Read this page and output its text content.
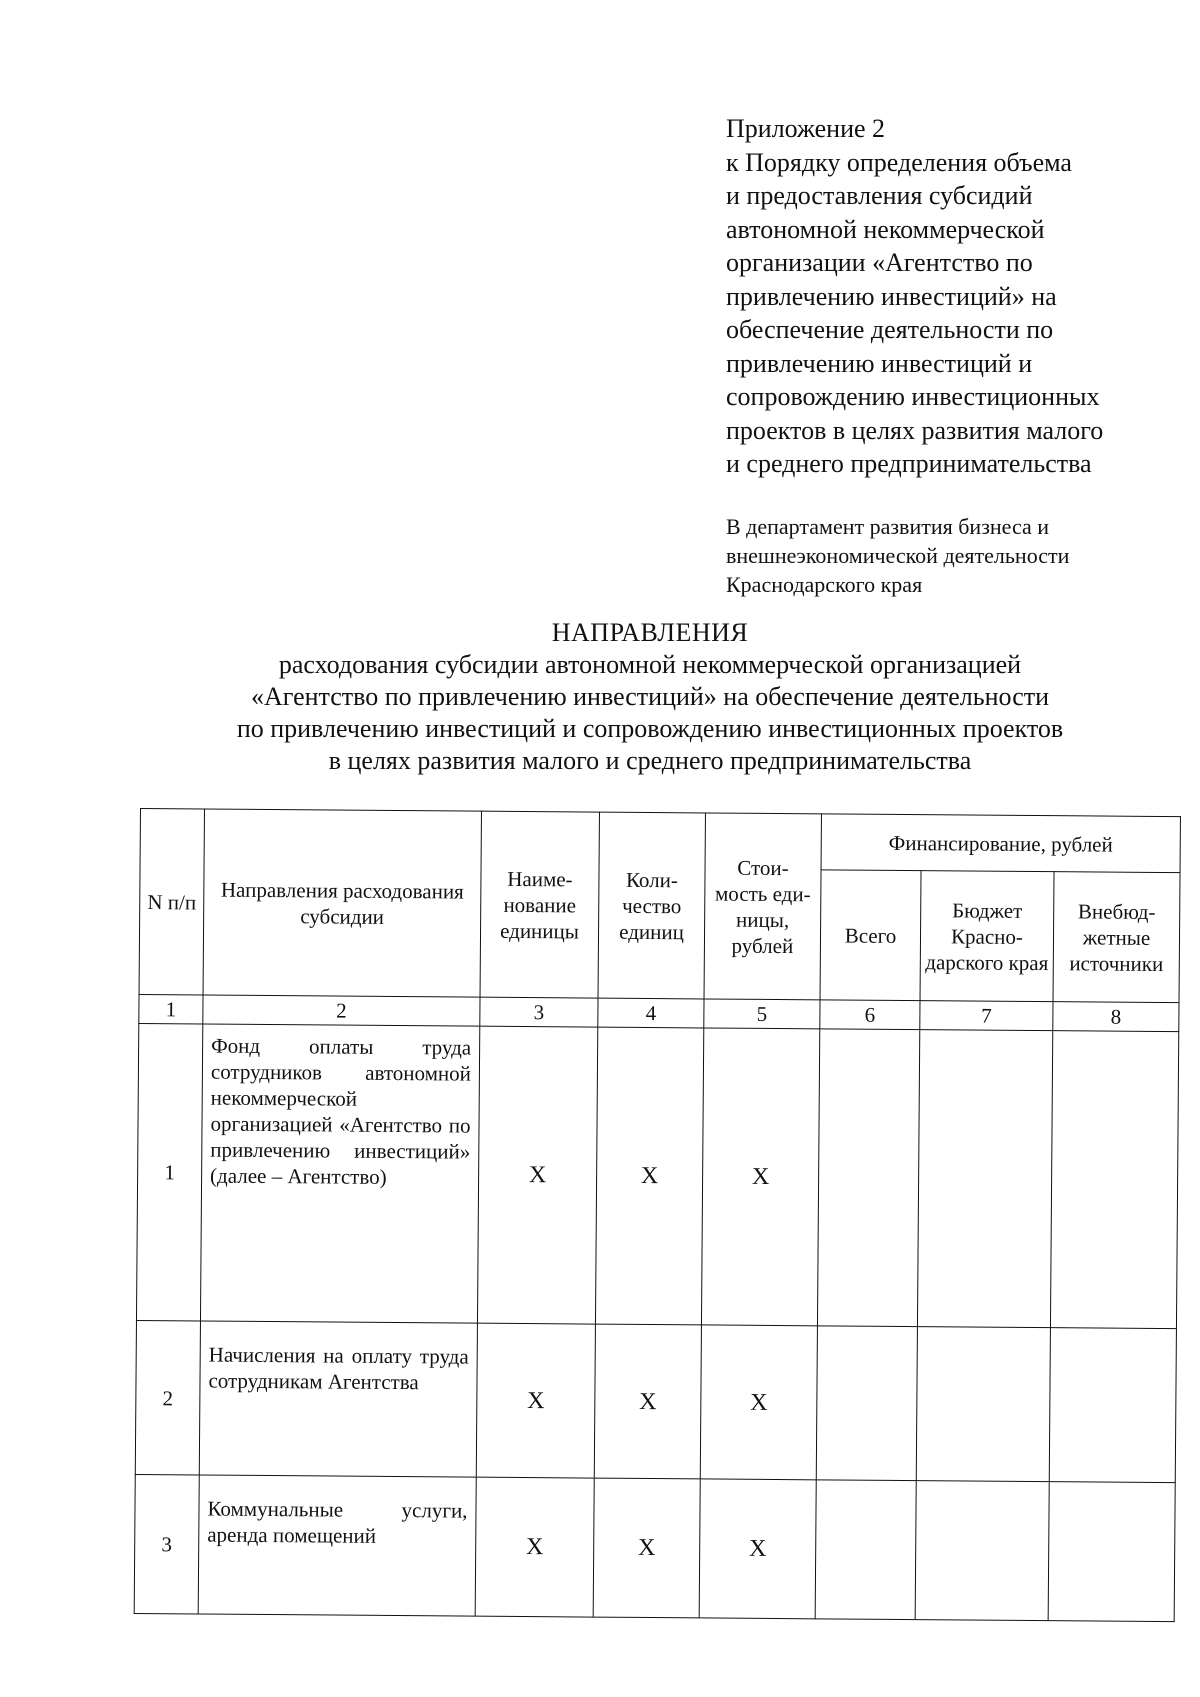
Приложение 2
к Порядку определения объема
и предоставления субсидий
автономной некоммерческой
организации «Агентство по
привлечению инвестиций» на
обеспечение деятельности по
привлечению инвестиций и
сопровождению инвестиционных
проектов в целях развития малого
и среднего предпринимательства
В департамент развития бизнеса и
внешнеэкономической деятельности
Краснодарского края
НАПРАВЛЕНИЯ
расходования субсидии автономной некоммерческой организацией
«Агентство по привлечению инвестиций» на обеспечение деятельности
по привлечению инвестиций и сопровождению инвестиционных проектов
в целях развития малого и среднего предпринимательства
N п/п	Направления расходования субсидии	Наиме- нование единицы	Коли- чество единиц	Стои- мость еди- ницы, рублей	Финансирование, рублей		
					Всего	Бюджет Красно- дарского края	Внебюд- жетные источники
1	2	3	4	5	6	7	8
1	Фонд оплаты труда сотрудников автономной некоммерческой организацией «Агентство по привлечению инвестиций» (далее – Агентство)	X	X	X			
2	Начисления на оплату труда сотрудникам Агентства	X	X	X			
3	Коммунальные услуги, аренда помещений	X	X	X			
